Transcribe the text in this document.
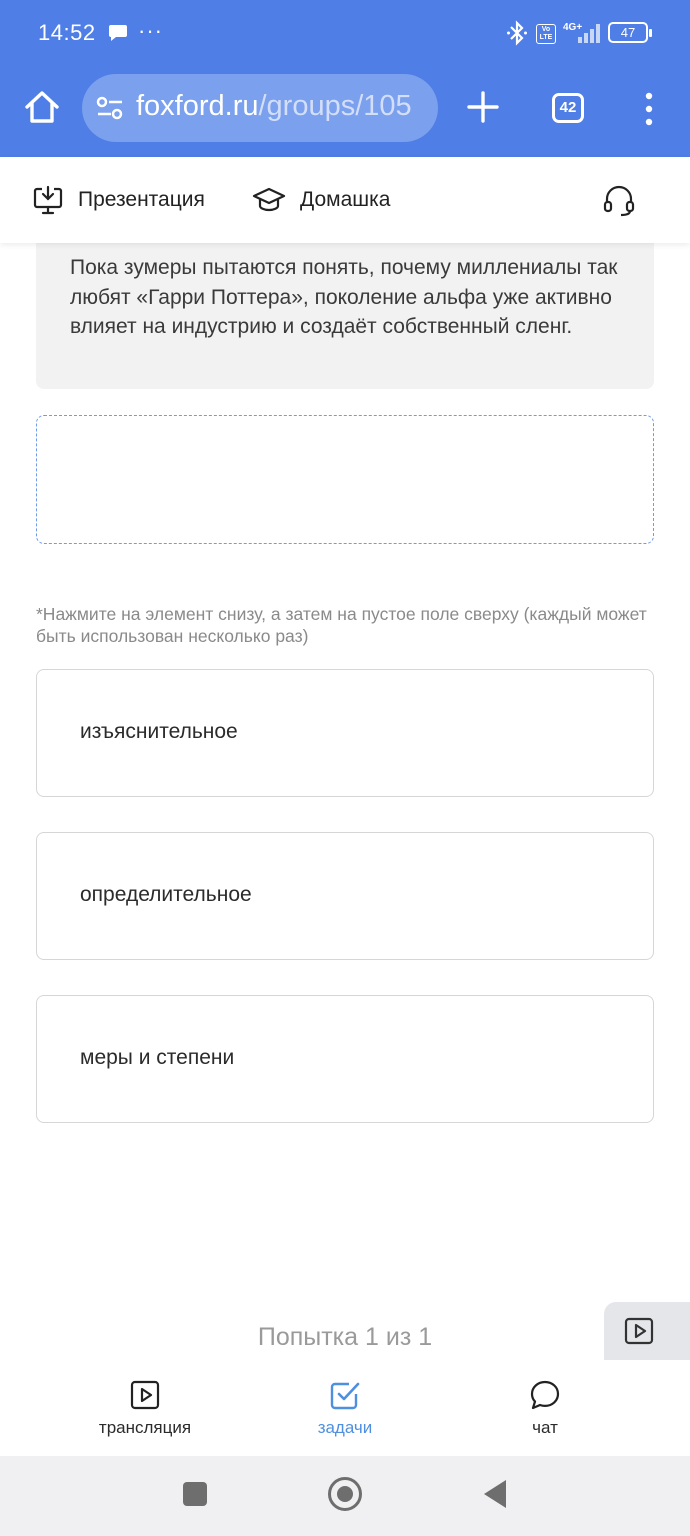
14:52 ···	Vo LTE
4G+	47
foxford.ru/groups/105	42
Презентация	Домашка
Пока зумеры пытаются понять, почему миллениалы так любят «Гарри Поттера», поколение альфа уже активно влияет на индустрию и создаёт собственный сленг.
*Нажмите на элемент снизу, а затем на пустое поле сверху (каждый может быть использован несколько раз)
изъяснительное
определительное
меры и степени
Попытка 1 из 1
трансляция	задачи	чат
